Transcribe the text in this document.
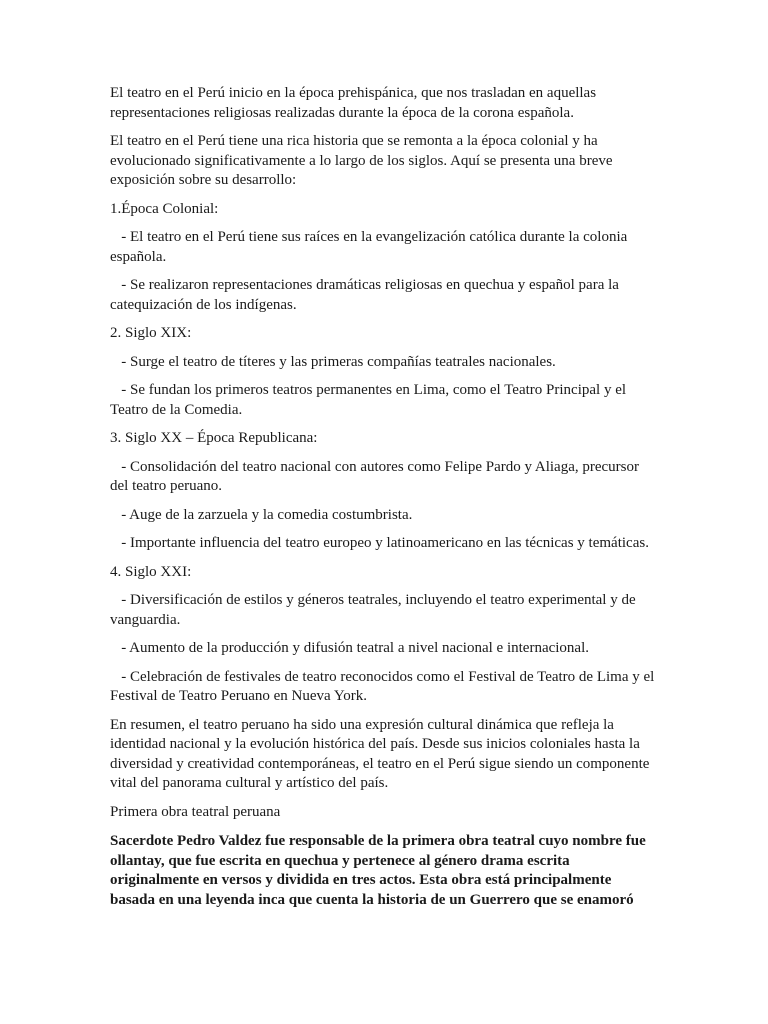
El teatro en el Perú inicio en la época prehispánica, que nos trasladan en aquellas representaciones religiosas realizadas durante la época de la corona española.

El teatro en el Perú tiene una rica historia que se remonta a la época colonial y ha evolucionado significativamente a lo largo de los siglos. Aquí se presenta una breve exposición sobre su desarrollo:

1.Época Colonial:

- El teatro en el Perú tiene sus raíces en la evangelización católica durante la colonia española.

- Se realizaron representaciones dramáticas religiosas en quechua y español para la catequización de los indígenas.

2. Siglo XIX:

- Surge el teatro de títeres y las primeras compañías teatrales nacionales.

- Se fundan los primeros teatros permanentes en Lima, como el Teatro Principal y el Teatro de la Comedia.

3. Siglo XX – Época Republicana:

- Consolidación del teatro nacional con autores como Felipe Pardo y Aliaga, precursor del teatro peruano.

- Auge de la zarzuela y la comedia costumbrista.

- Importante influencia del teatro europeo y latinoamericano en las técnicas y temáticas.

4. Siglo XXI:

- Diversificación de estilos y géneros teatrales, incluyendo el teatro experimental y de vanguardia.

- Aumento de la producción y difusión teatral a nivel nacional e internacional.

- Celebración de festivales de teatro reconocidos como el Festival de Teatro de Lima y el Festival de Teatro Peruano en Nueva York.

En resumen, el teatro peruano ha sido una expresión cultural dinámica que refleja la identidad nacional y la evolución histórica del país. Desde sus inicios coloniales hasta la diversidad y creatividad contemporáneas, el teatro en el Perú sigue siendo un componente vital del panorama cultural y artístico del país.

Primera obra teatral peruana

Sacerdote Pedro Valdez fue responsable de la primera obra teatral cuyo nombre fue ollantay, que fue escrita en quechua y pertenece al género drama escrita originalmente en versos y dividida en tres actos. Esta obra está principalmente basada en una leyenda inca que cuenta la historia de un Guerrero que se enamoró
